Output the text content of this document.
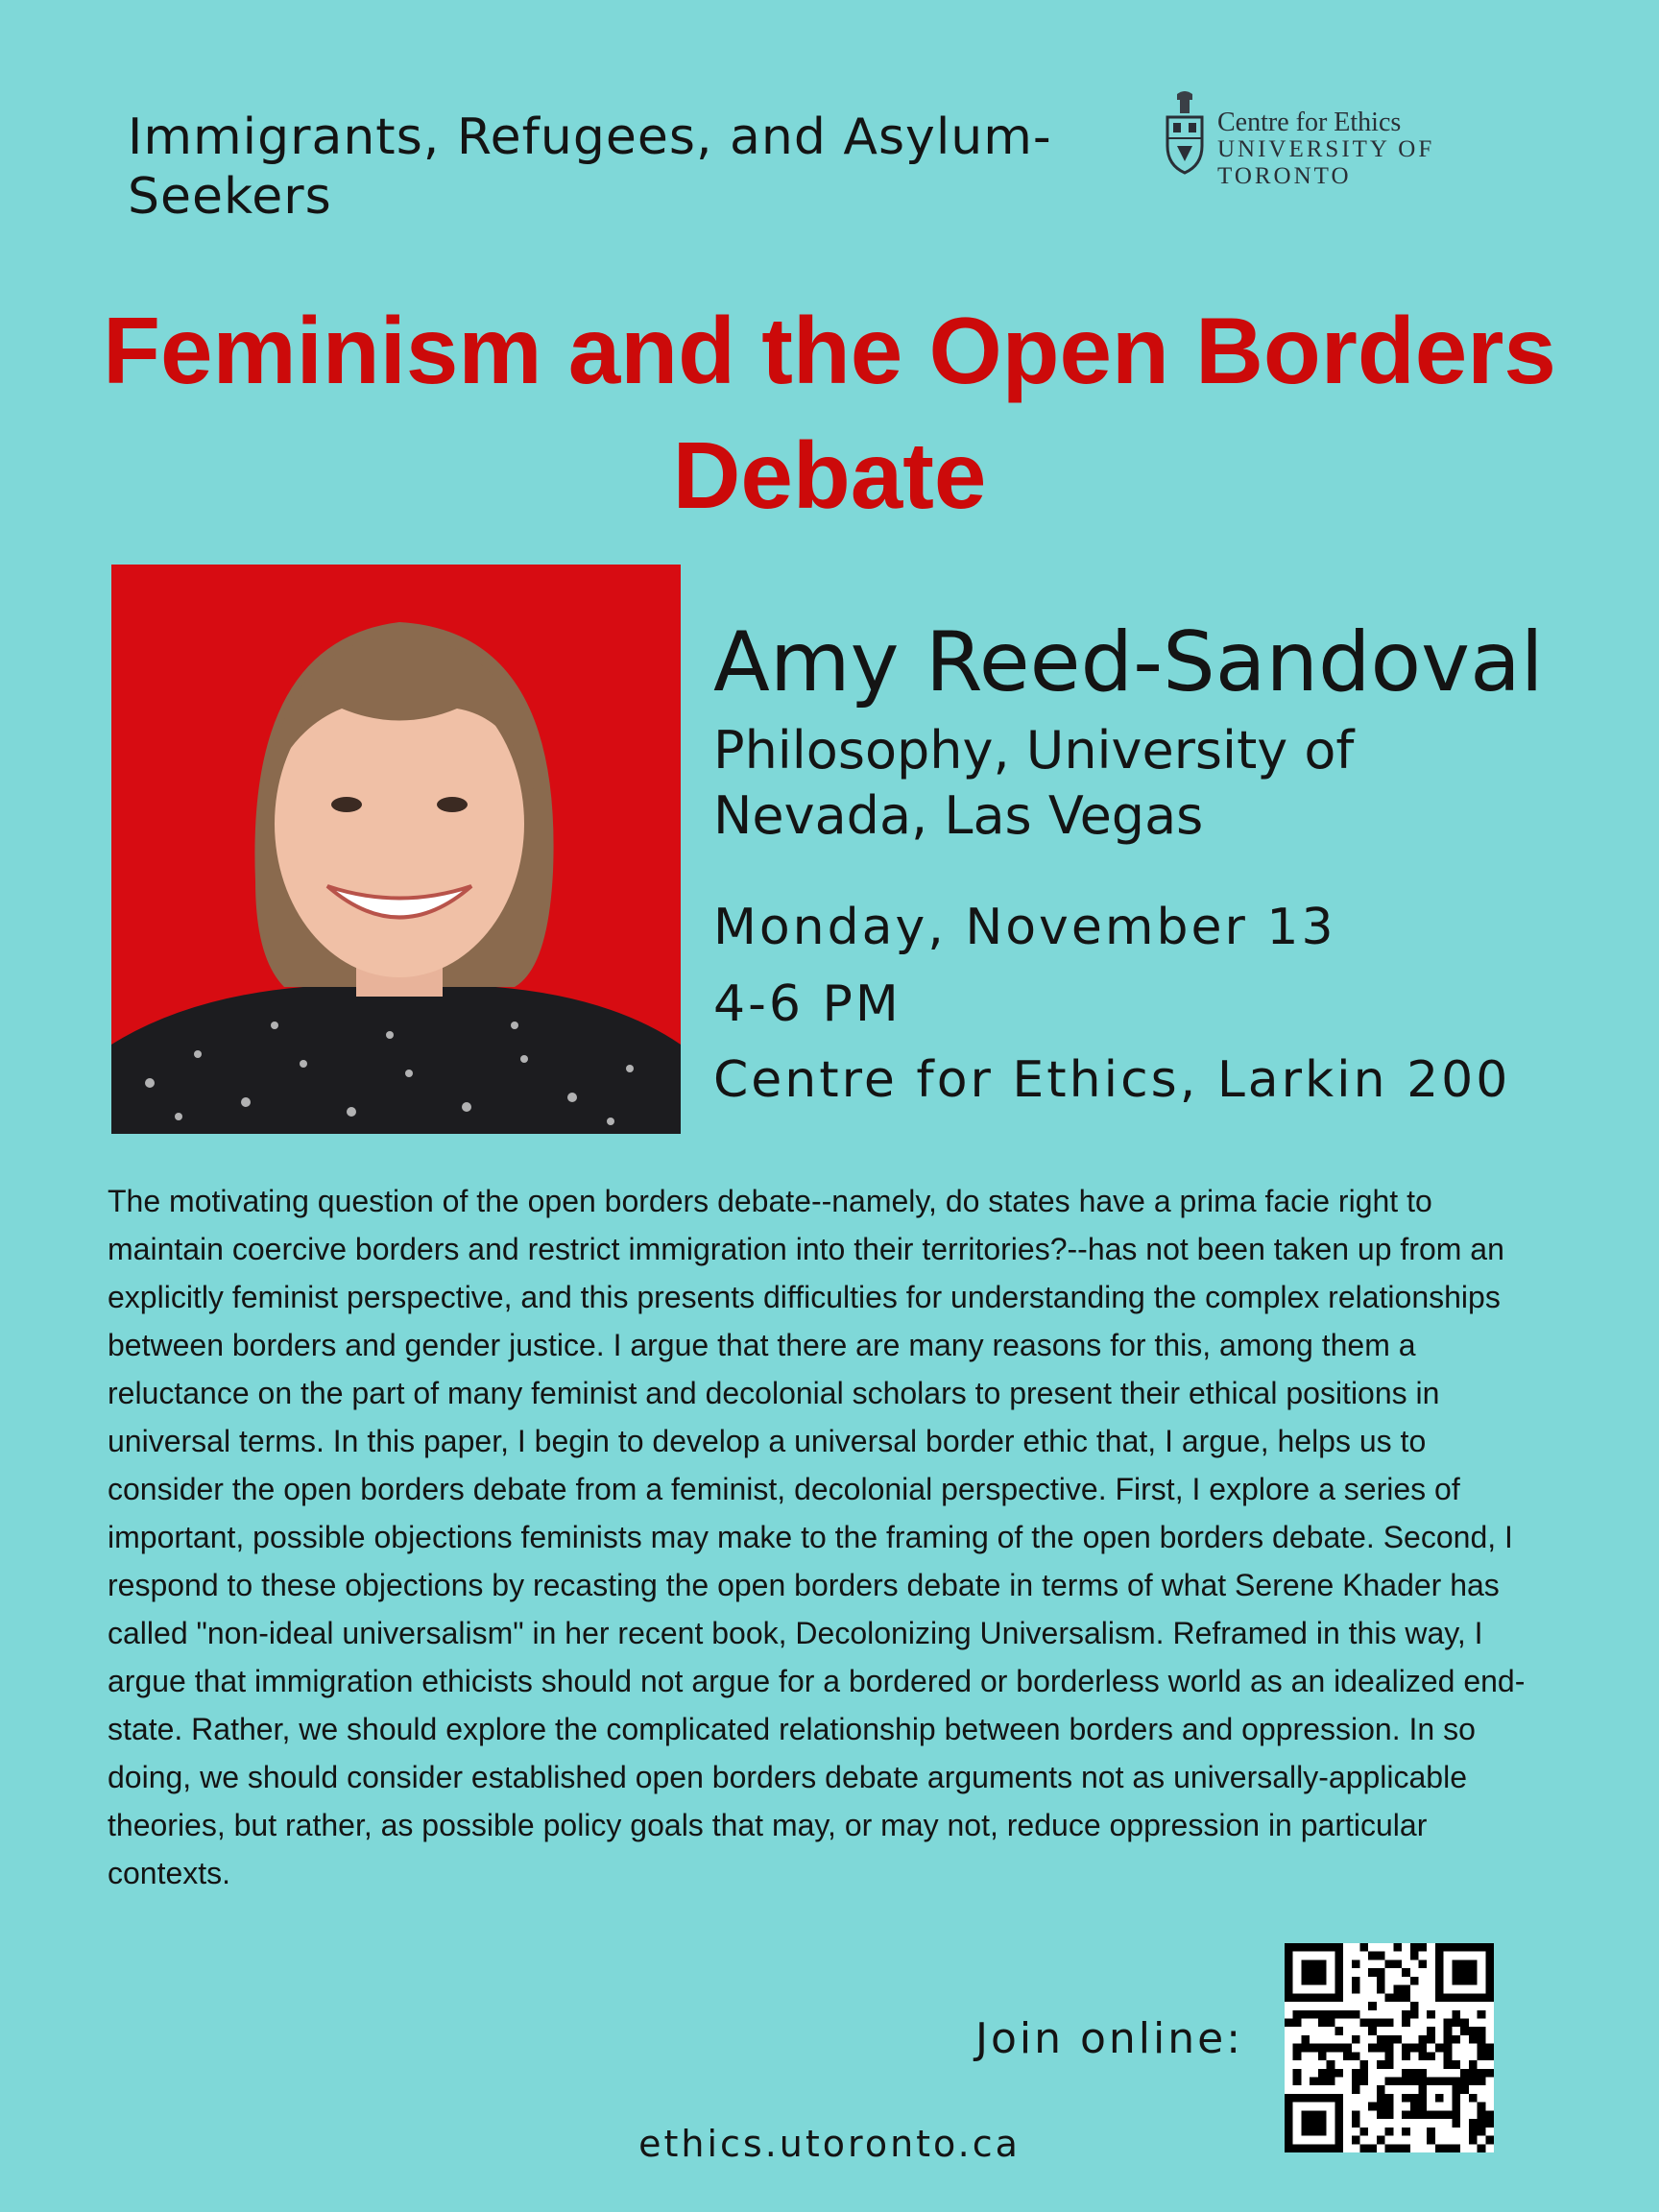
Immigrants, Refugees, and Asylum-Seekers
Centre for Ethics
UNIVERSITY OF TORONTO
Feminism and the Open Borders Debate
Amy Reed-Sandoval
Philosophy, University of Nevada, Las Vegas
Monday, November 13
4-6 PM
Centre for Ethics, Larkin 200

The motivating question of the open borders debate--namely, do states have a prima facie right to maintain coercive borders and restrict immigration into their territories?--has not been taken up from an explicitly feminist perspective, and this presents difficulties for understanding the complex relationships between borders and gender justice. I argue that there are many reasons for this, among them a reluctance on the part of many feminist and decolonial scholars to present their ethical positions in universal terms. In this paper, I begin to develop a universal border ethic that, I argue, helps us to consider the open borders debate from a feminist, decolonial perspective. First, I explore a series of important, possible objections feminists may make to the framing of the open borders debate. Second, I respond to these objections by recasting the open borders debate in terms of what Serene Khader has called "non-ideal universalism" in her recent book, Decolonizing Universalism. Reframed in this way, I argue that immigration ethicists should not argue for a bordered or borderless world as an idealized end-state. Rather, we should explore the complicated relationship between borders and oppression. In so doing, we should consider established open borders debate arguments not as universally-applicable theories, but rather, as possible policy goals that may, or may not, reduce oppression in particular contexts.

Join online:
ethics.utoronto.ca
